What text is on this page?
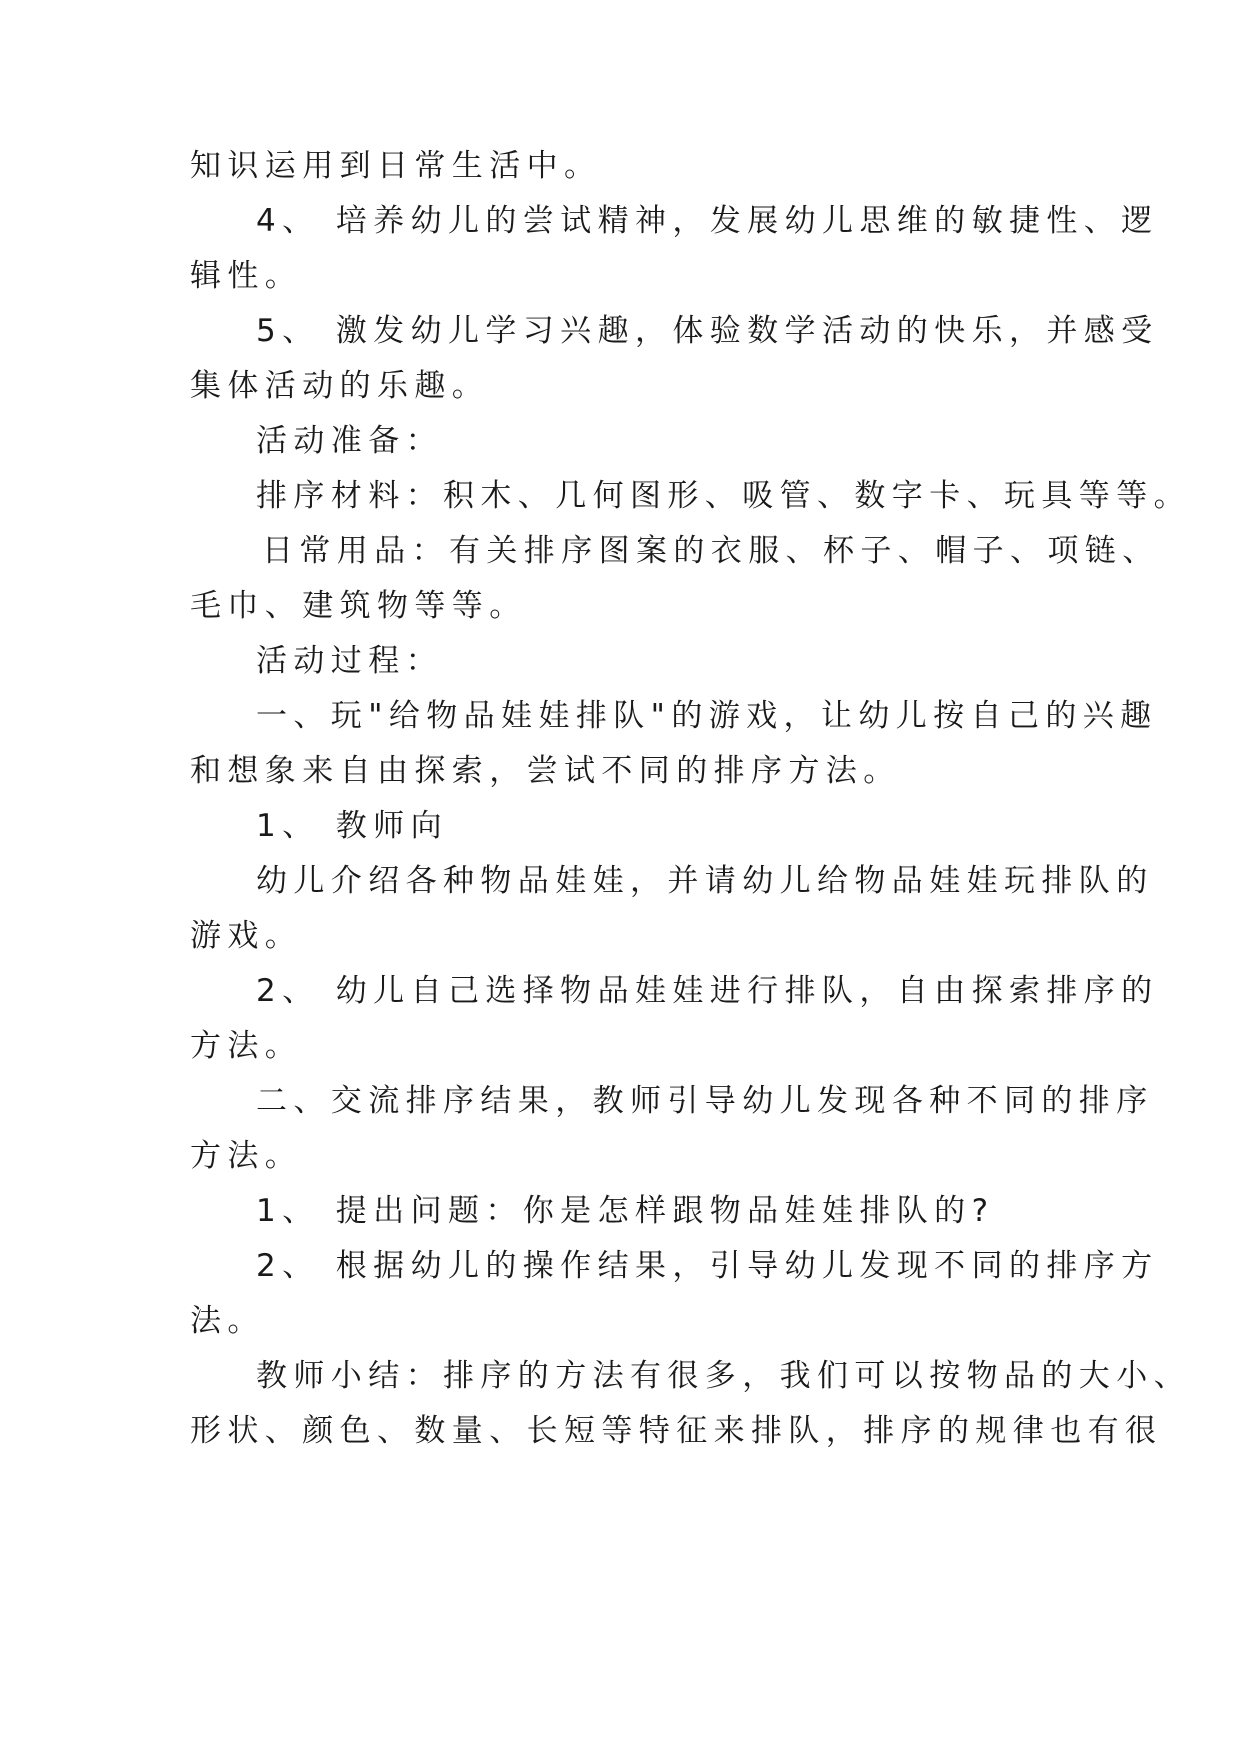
知识运用到日常生活中。
4、 培养幼儿的尝试精神，发展幼儿思维的敏捷性、逻
辑性。
5、 激发幼儿学习兴趣，体验数学活动的快乐，并感受
集体活动的乐趣。
活动准备：
排序材料：积木、几何图形、吸管、数字卡、玩具等等。
日常用品：有关排序图案的衣服、杯子、帽子、项链、
毛巾、建筑物等等。
活动过程：
一、玩"给物品娃娃排队"的游戏，让幼儿按自己的兴趣
和想象来自由探索，尝试不同的排序方法。
1、 教师向
幼儿介绍各种物品娃娃，并请幼儿给物品娃娃玩排队的
游戏。
2、 幼儿自己选择物品娃娃进行排队，自由探索排序的
方法。
二、交流排序结果，教师引导幼儿发现各种不同的排序
方法。
1、 提出问题：你是怎样跟物品娃娃排队的?
2、 根据幼儿的操作结果，引导幼儿发现不同的排序方
法。
教师小结：排序的方法有很多，我们可以按物品的大小、
形状、颜色、数量、长短等特征来排队，排序的规律也有很
